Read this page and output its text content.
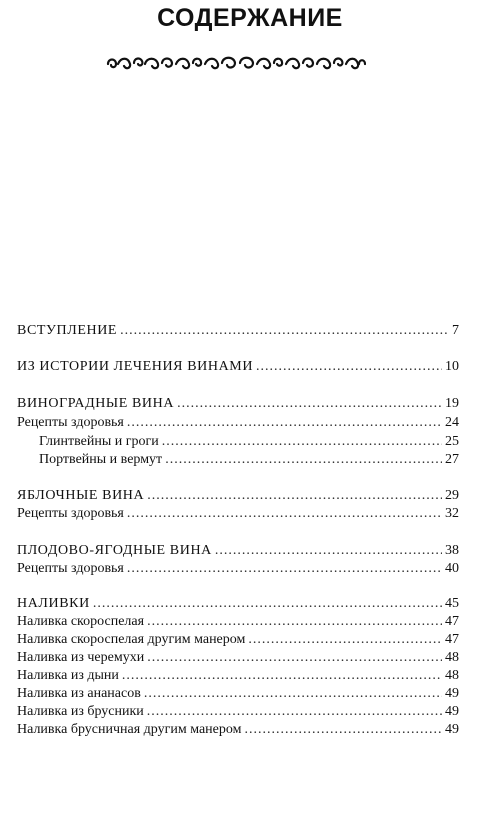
СОДЕРЖАНИЕ
ВСТУПЛЕНИЕ .....	7
ИЗ ИСТОРИИ ЛЕЧЕНИЯ ВИНАМИ .....	10
ВИНОГРАДНЫЕ ВИНА .....	19
Рецепты здоровья .....	24
Глинтвейны и гроги .....	25
Портвейны и вермут .....	27
ЯБЛОЧНЫЕ ВИНА .....	29
Рецепты здоровья .....	32
ПЛОДОВО-ЯГОДНЫЕ ВИНА .....	38
Рецепты здоровья .....	40
НАЛИВКИ .....	45
Наливка скороспелая .....	47
Наливка скороспелая другим манером .....	47
Наливка из черемухи .....	48
Наливка из дыни .....	48
Наливка из ананасов .....	49
Наливка из брусники .....	49
Наливка брусничная другим манером .....	49
